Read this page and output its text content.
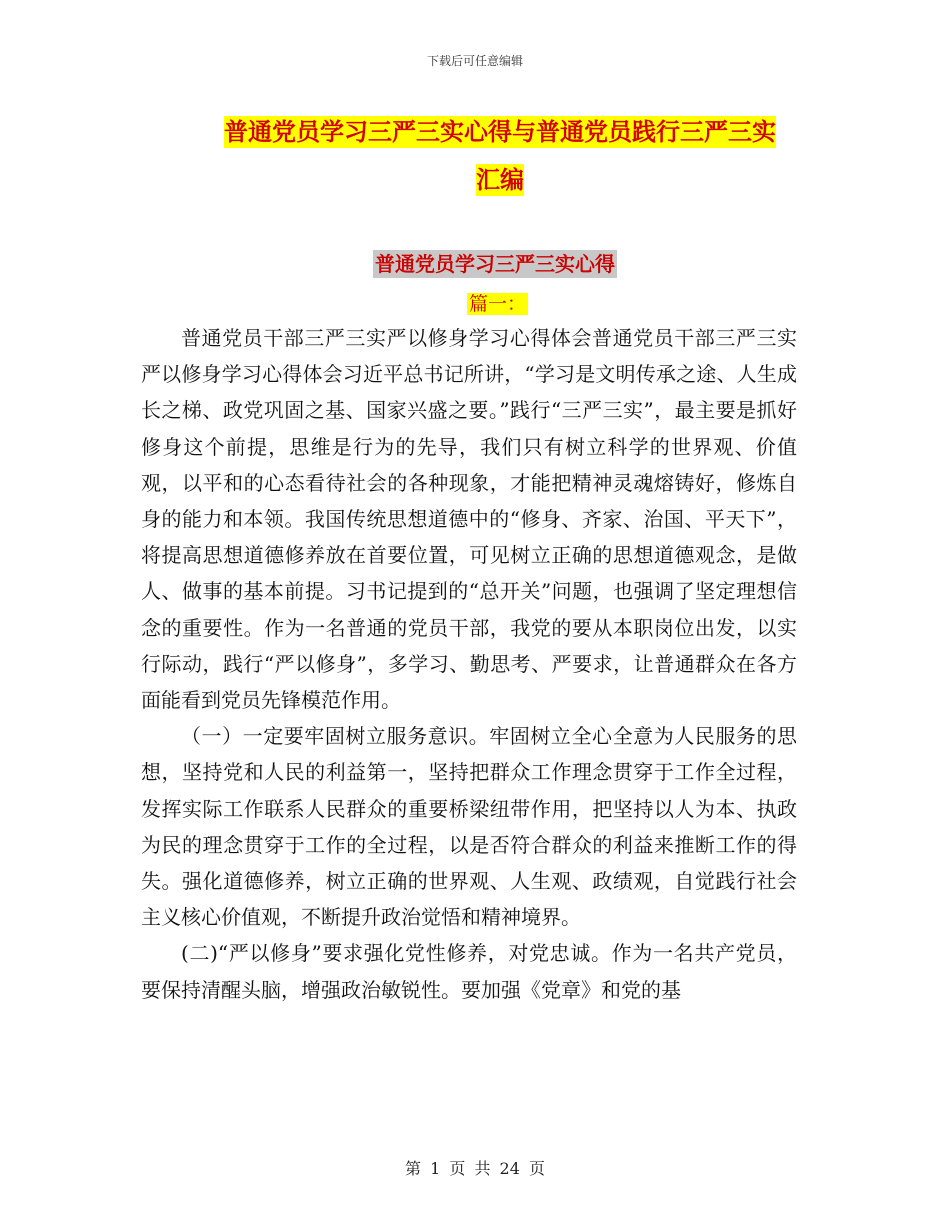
下载后可任意编辑
普通党员学习三严三实心得与普通党员践行三严三实
汇编
普通党员学习三严三实心得
篇一：

普通党员干部三严三实严以修身学习心得体会普通党员干部三严三实严以修身学习心得体会习近平总书记所讲，“学习是文明传承之途、人生成长之梯、政党巩固之基、国家兴盛之要。”践行“三严三实”，最主要是抓好修身这个前提，思维是行为的先导，我们只有树立科学的世界观、价值观，以平和的心态看待社会的各种现象，才能把精神灵魂熔铸好，修炼自身的能力和本领。我国传统思想道德中的“修身、齐家、治国、平天下”，将提高思想道德修养放在首要位置，可见树立正确的思想道德观念，是做人、做事的基本前提。习书记提到的“总开关”问题，也强调了坚定理想信念的重要性。作为一名普通的党员干部，我党的要从本职岗位出发，以实行际动，践行“严以修身”，多学习、勤思考、严要求，让普通群众在各方面能看到党员先锋模范作用。

（一）一定要牢固树立服务意识。牢固树立全心全意为人民服务的思想，坚持党和人民的利益第一，坚持把群众工作理念贯穿于工作全过程，发挥实际工作联系人民群众的重要桥梁纽带作用，把坚持以人为本、执政为民的理念贯穿于工作的全过程，以是否符合群众的利益来推断工作的得失。强化道德修养，树立正确的世界观、人生观、政绩观，自觉践行社会主义核心价值观，不断提升政治觉悟和精神境界。

(二)“严以修身”要求强化党性修养，对党忠诚。作为一名共产党员，要保持清醒头脑，增强政治敏锐性。要加强《党章》和党的基

第 1 页 共 24 页
